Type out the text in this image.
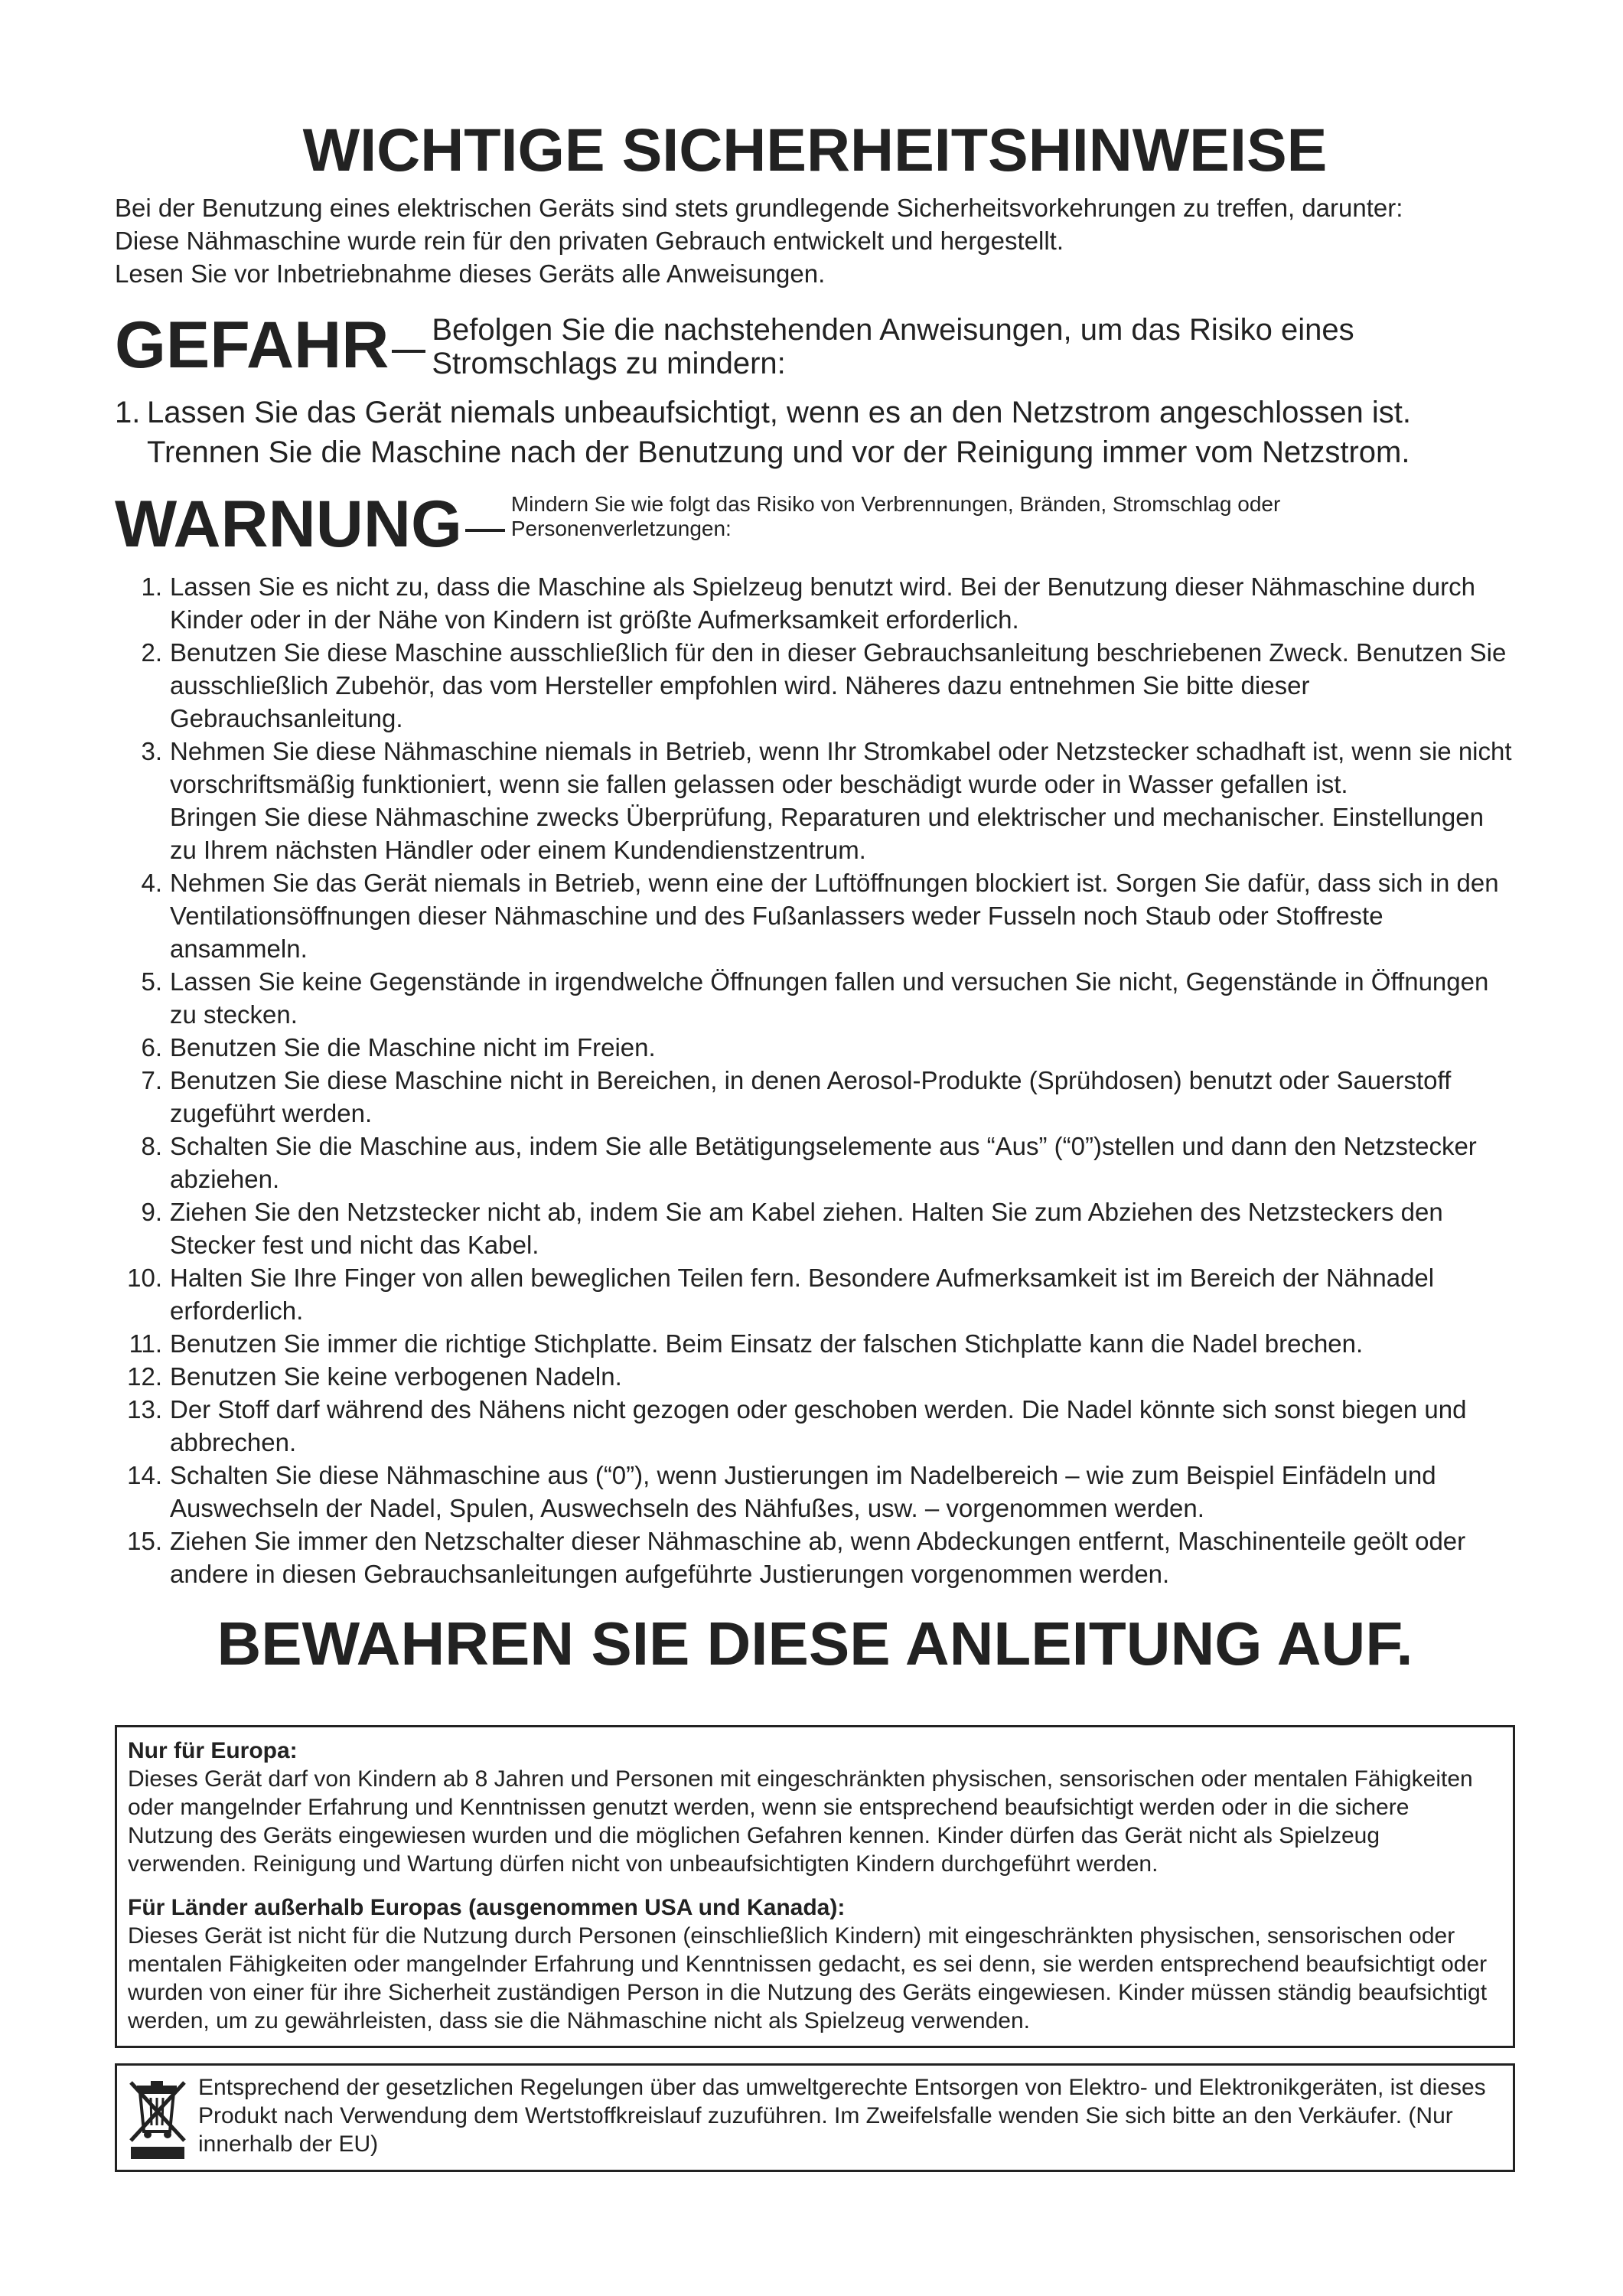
WICHTIGE SICHERHEITSHINWEISE
Bei der Benutzung eines elektrischen Geräts sind stets grundlegende Sicherheitsvorkehrungen zu treffen, darunter:
Diese Nähmaschine wurde rein für den privaten Gebrauch entwickelt und hergestellt.
Lesen Sie vor Inbetriebnahme dieses Geräts alle Anweisungen.
GEFAHR Befolgen Sie die nachstehenden Anweisungen, um das Risiko eines
Stromschlags zu mindern:
1. Lassen Sie das Gerät niemals unbeaufsichtigt, wenn es an den Netzstrom angeschlossen ist. Trennen Sie die Maschine nach der Benutzung und vor der Reinigung immer vom Netzstrom.
WARNUNG Mindern Sie wie folgt das Risiko von Verbrennungen, Bränden, Stromschlag oder
Personenverletzungen:
1. Lassen Sie es nicht zu, dass die Maschine als Spielzeug benutzt wird. Bei der Benutzung dieser Nähmaschine durch Kinder oder in der Nähe von Kindern ist größte Aufmerksamkeit erforderlich.
2. Benutzen Sie diese Maschine ausschließlich für den in dieser Gebrauchsanleitung beschriebenen Zweck. Benutzen Sie ausschließlich Zubehör, das vom Hersteller empfohlen wird. Näheres dazu entnehmen Sie bitte dieser Gebrauchsanleitung.
3. Nehmen Sie diese Nähmaschine niemals in Betrieb, wenn Ihr Stromkabel oder Netzstecker schadhaft ist, wenn sie nicht vorschriftsmäßig funktioniert, wenn sie fallen gelassen oder beschädigt wurde oder in Wasser gefallen ist.
Bringen Sie diese Nähmaschine zwecks Überprüfung, Reparaturen und elektrischer und mechanischer. Einstellungen zu Ihrem nächsten Händler oder einem Kundendienstzentrum.
4. Nehmen Sie das Gerät niemals in Betrieb, wenn eine der Luftöffnungen blockiert ist. Sorgen Sie dafür, dass sich in den Ventilationsöffnungen dieser Nähmaschine und des Fußanlassers weder Fusseln noch Staub oder Stoffreste ansammeln.
5. Lassen Sie keine Gegenstände in irgendwelche Öffnungen fallen und versuchen Sie nicht, Gegenstände in Öffnungen zu stecken.
6. Benutzen Sie die Maschine nicht im Freien.
7. Benutzen Sie diese Maschine nicht in Bereichen, in denen Aerosol-Produkte (Sprühdosen) benutzt oder Sauerstoff zugeführt werden.
8. Schalten Sie die Maschine aus, indem Sie alle Betätigungselemente aus “Aus” (“0”)stellen und dann den Netzstecker abziehen.
9. Ziehen Sie den Netzstecker nicht ab, indem Sie am Kabel ziehen. Halten Sie zum Abziehen des Netzsteckers den Stecker fest und nicht das Kabel.
10. Halten Sie Ihre Finger von allen beweglichen Teilen fern. Besondere Aufmerksamkeit ist im Bereich der Nähnadel erforderlich.
11. Benutzen Sie immer die richtige Stichplatte. Beim Einsatz der falschen Stichplatte kann die Nadel brechen.
12. Benutzen Sie keine verbogenen Nadeln.
13. Der Stoff darf während des Nähens nicht gezogen oder geschoben werden. Die Nadel könnte sich sonst biegen und abbrechen.
14. Schalten Sie diese Nähmaschine aus (“0”), wenn Justierungen im Nadelbereich – wie zum Beispiel Einfädeln und Auswechseln der Nadel, Spulen, Auswechseln des Nähfußes, usw. – vorgenommen werden.
15. Ziehen Sie immer den Netzschalter dieser Nähmaschine ab, wenn Abdeckungen entfernt, Maschinenteile geölt oder andere in diesen Gebrauchsanleitungen aufgeführte Justierungen vorgenommen werden.
BEWAHREN SIE DIESE ANLEITUNG AUF.

Nur für Europa:

Dieses Gerät darf von Kindern ab 8 Jahren und Personen mit eingeschränkten physischen, sensorischen oder mentalen Fähigkeiten oder mangelnder Erfahrung und Kenntnissen genutzt werden, wenn sie entsprechend beaufsichtigt werden oder in die sichere Nutzung des Geräts eingewiesen wurden und die möglichen Gefahren kennen. Kinder dürfen das Gerät nicht als Spielzeug verwenden. Reinigung und Wartung dürfen nicht von unbeaufsichtigten Kindern durchgeführt werden.

Für Länder außerhalb Europas (ausgenommen USA und Kanada):

Dieses Gerät ist nicht für die Nutzung durch Personen (einschließlich Kindern) mit eingeschränkten physischen, sensorischen oder mentalen Fähigkeiten oder mangelnder Erfahrung und Kenntnissen gedacht, es sei denn, sie werden entsprechend beaufsichtigt oder wurden von einer für ihre Sicherheit zuständigen Person in die Nutzung des Geräts eingewiesen. Kinder müssen ständig beaufsichtigt werden, um zu gewährleisten, dass sie die Nähmaschine nicht als Spielzeug verwenden.

Entsprechend der gesetzlichen Regelungen über das umweltgerechte Entsorgen von Elektro- und Elektronikgeräten, ist dieses Produkt nach Verwendung dem Wertstoffkreislauf zuzuführen. Im Zweifelsfalle wenden Sie sich bitte an den Verkäufer. (Nur innerhalb der EU)
